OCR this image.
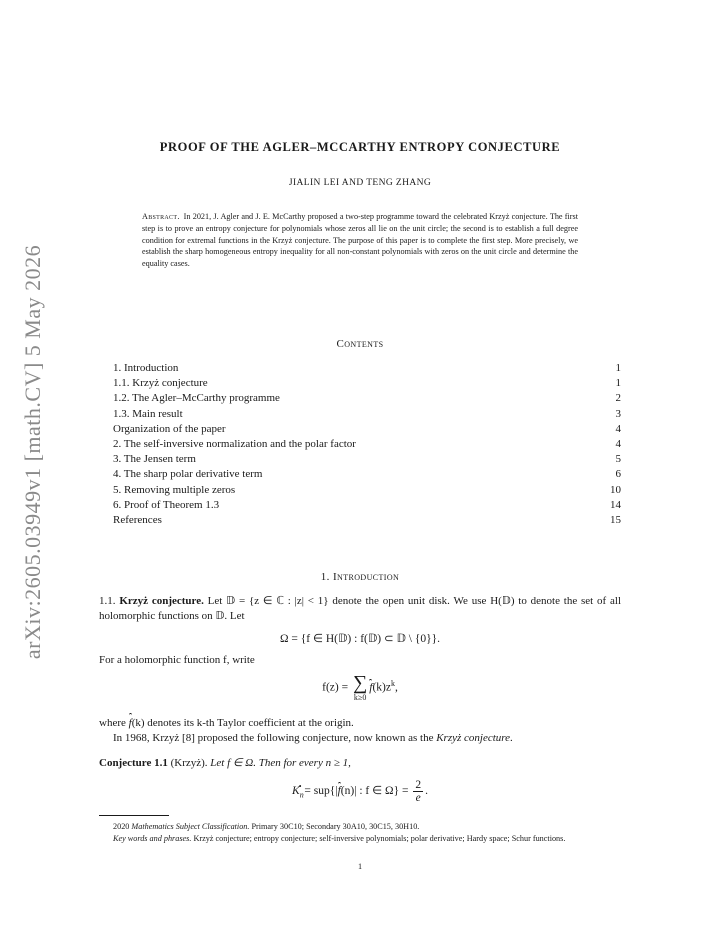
arXiv:2605.03949v1 [math.CV] 5 May 2026
PROOF OF THE AGLER–MCCARTHY ENTROPY CONJECTURE
JIALIN LEI AND TENG ZHANG
Abstract. In 2021, J. Agler and J. E. McCarthy proposed a two-step programme toward the celebrated Krzyż conjecture. The first step is to prove an entropy conjecture for polynomials whose zeros all lie on the unit circle; the second is to establish a full degree condition for extremal functions in the Krzyż conjecture. The purpose of this paper is to complete the first step. More precisely, we establish the sharp homogeneous entropy inequality for all non-constant polynomials with zeros on the unit circle and determine the equality cases.
Contents
1. Introduction	1
1.1. Krzyż conjecture	1
1.2. The Agler–McCarthy programme	2
1.3. Main result	3
Organization of the paper	4
2. The self-inversive normalization and the polar factor	4
3. The Jensen term	5
4. The sharp polar derivative term	6
5. Removing multiple zeros	10
6. Proof of Theorem 1.3	14
References	15
1. Introduction
1.1. Krzyż conjecture. Let 𝔻 = {z ∈ ℂ : |z| < 1} denote the open unit disk. We use H(𝔻) to denote the set of all holomorphic functions on 𝔻. Let
Ω = {f ∈ H(𝔻) : f(𝔻) ⊂ 𝔻 \ {0}}.
For a holomorphic function f, write
f(z) = ∑
k≥0
$f(k)z^k$,
where f(k) denotes its k-th Taylor coefficient at the origin.
In 1968, Krzyż [8] proposed the following conjecture, now known as the Krzyż conjecture.
Conjecture 1.1 (Krzyż). Let f ∈ Ω. Then for every n ≥ 1,
$K_n^• = sup\{|f(n)|$ : f ∈ $\Omega\} = \frac{2}{e}$ .
2020 Mathematics Subject Classification. Primary 30C10; Secondary 30A10, 30C15, 30H10.
Key words and phrases. Krzyż conjecture; entropy conjecture; self-inversive polynomials; polar derivative; Hardy space; Schur functions.
1
